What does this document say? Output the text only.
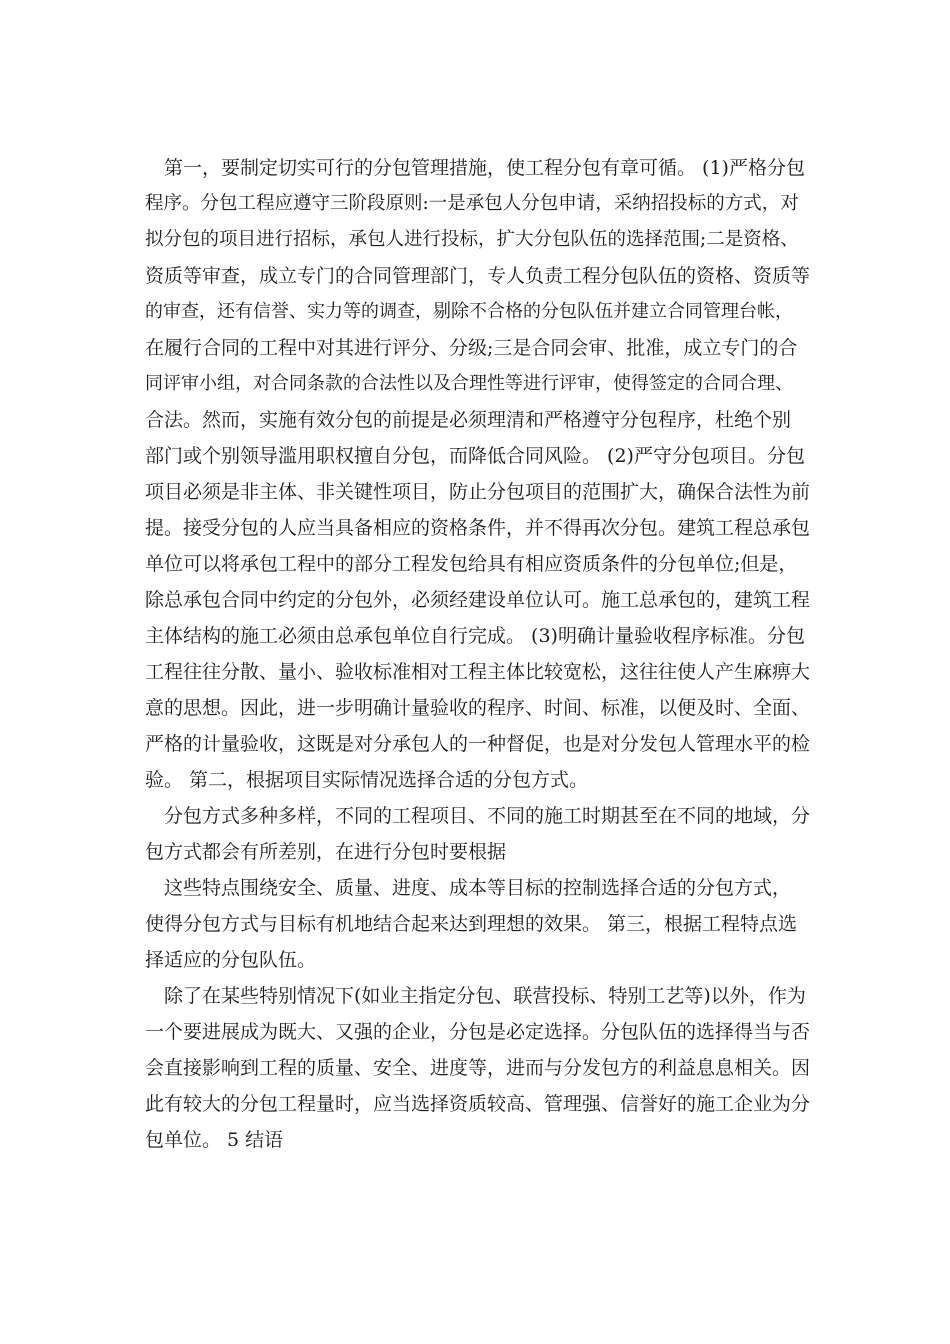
第一，要制定切实可行的分包管理措施，使工程分包有章可循。 (1)严格分包
程序。分包工程应遵守三阶段原则:一是承包人分包申请，采纳招投标的方式，对
拟分包的项目进行招标，承包人进行投标，扩大分包队伍的选择范围;二是资格、
资质等审查，成立专门的合同管理部门，专人负责工程分包队伍的资格、资质等
的审查，还有信誉、实力等的调查，剔除不合格的分包队伍并建立合同管理台帐，
在履行合同的工程中对其进行评分、分级;三是合同会审、批准，成立专门的合
同评审小组，对合同条款的合法性以及合理性等进行评审，使得签定的合同合理、
合法。然而，实施有效分包的前提是必须理清和严格遵守分包程序，杜绝个别
部门或个别领导滥用职权擅自分包，而降低合同风险。 (2)严守分包项目。分包
项目必须是非主体、非关键性项目，防止分包项目的范围扩大，确保合法性为前
提。接受分包的人应当具备相应的资格条件，并不得再次分包。建筑工程总承包
单位可以将承包工程中的部分工程发包给具有相应资质条件的分包单位;但是，
除总承包合同中约定的分包外，必须经建设单位认可。施工总承包的，建筑工程
主体结构的施工必须由总承包单位自行完成。 (3)明确计量验收程序标准。分包
工程往往分散、量小、验收标准相对工程主体比较宽松，这往往使人产生麻痹大
意的思想。因此，进一步明确计量验收的程序、时间、标准，以便及时、全面、
严格的计量验收，这既是对分承包人的一种督促，也是对分发包人管理水平的检
验。 第二，根据项目实际情况选择合适的分包方式。
分包方式多种多样，不同的工程项目、不同的施工时期甚至在不同的地域，分
包方式都会有所差别，在进行分包时要根据
这些特点围绕安全、质量、进度、成本等目标的控制选择合适的分包方式，
使得分包方式与目标有机地结合起来达到理想的效果。 第三，根据工程特点选
择适应的分包队伍。
除了在某些特别情况下(如业主指定分包、联营投标、特别工艺等)以外，作为
一个要进展成为既大、又强的企业，分包是必定选择。分包队伍的选择得当与否
会直接影响到工程的质量、安全、进度等，进而与分发包方的利益息息相关。因
此有较大的分包工程量时，应当选择资质较高、管理强、信誉好的施工企业为分
包单位。 5 结语
